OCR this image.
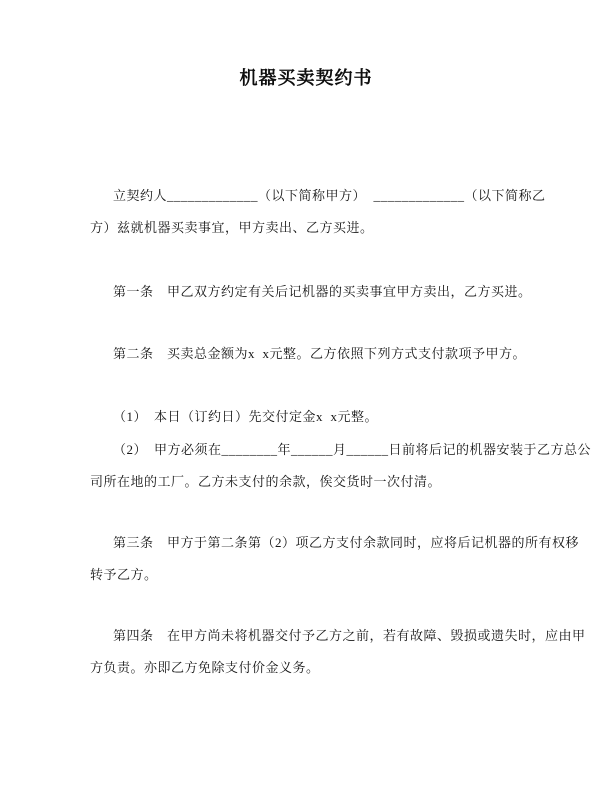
机器买卖契约书
立契约人_____________（以下简称甲方）  _____________（以下简称乙
方）兹就机器买卖事宜，甲方卖出、乙方买进。
第一条　甲乙双方约定有关后记机器的买卖事宜甲方卖出，乙方买进。
第二条　买卖总金额为x  x元整。乙方依照下列方式支付款项予甲方。
（1）　本日（订约日）先交付定金x  x元整。
（2）　甲方必须在________年______月______日前将后记的机器安装于乙方总公
司所在地的工厂。乙方未支付的余款，俟交货时一次付清。
第三条　甲方于第二条第（2）项乙方支付余款同时，应将后记机器的所有权移
转予乙方。
第四条　在甲方尚未将机器交付予乙方之前，若有故障、毁损或遗失时，应由甲
方负责。亦即乙方免除支付价金义务。
